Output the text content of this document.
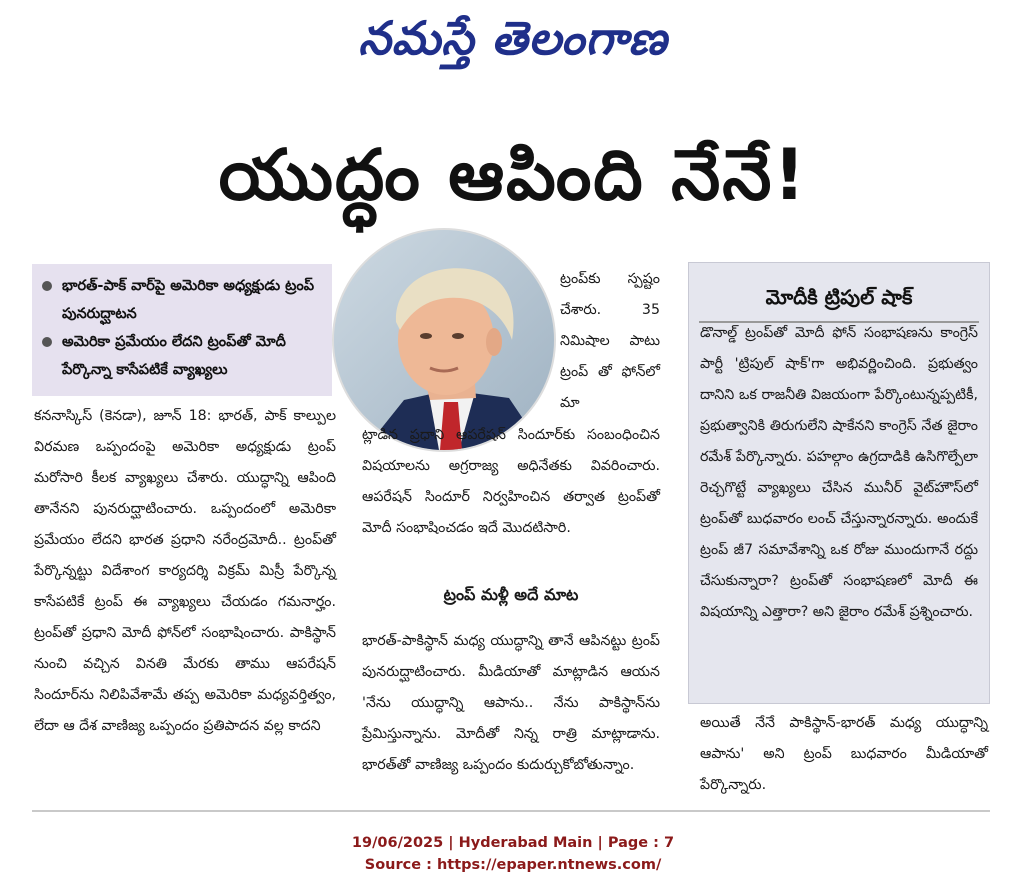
నమస్తే తెలంగాణ
యుద్ధం ఆపింది నేనే!
భారత్-పాక్ వార్‌పై అమెరికా అధ్యక్షుడు ట్రంప్ పునరుద్ఘాటన
అమెరికా ప్రమేయం లేదని ట్రంప్‌తో మోదీ పేర్కొన్నా కాసేపటికే వ్యాఖ్యలు

కననాస్కిస్ (కెనడా), జూన్ 18: భారత్, పాక్ కాల్పుల విరమణ ఒప్పందంపై అమెరికా అధ్యక్షుడు ట్రంప్ మరోసారి కీలక వ్యాఖ్యలు చేశారు. యుద్ధాన్ని ఆపింది తానేనని పునరుద్ఘాటించారు. ఒప్పందంలో అమెరికా ప్రమేయం లేదని భారత ప్రధాని నరేంద్రమోదీ.. ట్రంప్‌తో పేర్కొన్నట్టు విదేశాంగ కార్యదర్శి విక్రమ్ మిస్రీ పేర్కొన్న కాసేపటికే ట్రంప్ ఈ వ్యాఖ్యలు చేయడం గమనార్హం. ట్రంప్‌తో ప్రధాని మోదీ ఫోన్‌లో సంభాషించారు. పాకిస్థాన్ నుంచి వచ్చిన వినతి మేరకు తాము ఆపరేషన్ సిందూర్‌ను నిలిపివేశామే తప్ప అమెరికా మధ్యవర్తిత్వం, లేదా ఆ దేశ వాణిజ్య ఒప్పందం ప్రతిపాదన వల్ల కాదని

ట్రంప్‌కు స్పష్టం చేశారు. 35 నిమిషాల పాటు ట్రంప్ తో ఫోన్‌లో మా

ట్లాడిన ప్రధాని ఆపరేషన్ సిందూర్‌కు సంబంధించిన విషయాలను అగ్రరాజ్య అధినేతకు వివరించారు. ఆపరేషన్ సిందూర్ నిర్వహించిన తర్వాత ట్రంప్‌తో మోదీ సంభాషించడం ఇదే మొదటిసారి.

ట్రంప్ మళ్లీ అదే మాట

భారత్-పాకిస్థాన్ మధ్య యుద్ధాన్ని తానే ఆపినట్టు ట్రంప్ పునరుద్ఘాటించారు. మీడియాతో మాట్లాడిన ఆయన 'నేను యుద్ధాన్ని ఆపాను.. నేను పాకిస్థాన్‌ను ప్రేమిస్తున్నాను. మోదీతో నిన్న రాత్రి మాట్లాడాను. భారత్‌తో వాణిజ్య ఒప్పందం కుదుర్చుకోబోతున్నాం.

మోదీకి ట్రిపుల్ షాక్

డొనాల్డ్ ట్రంప్‌తో మోదీ ఫోన్ సంభాషణను కాంగ్రెస్ పార్టీ 'ట్రిపుల్ షాక్'గా అభివర్ణించింది. ప్రభుత్వం దానిని ఒక రాజనీతి విజయంగా పేర్కొంటున్నప్పటికీ, ప్రభుత్వానికి తిరుగులేని షాకేనని కాంగ్రెస్ నేత జైరాం రమేశ్ పేర్కొన్నారు. పహల్గాం ఉగ్రదాడికి ఉసిగొల్పేలా రెచ్చగొట్టే వ్యాఖ్యలు చేసిన మునీర్ వైట్‌హౌస్‌లో ట్రంప్‌తో బుధవారం లంచ్ చేస్తున్నారన్నారు. అందుకే ట్రంప్ జీ7 సమావేశాన్ని ఒక రోజు ముందుగానే రద్దు చేసుకున్నారా? ట్రంప్‌తో సంభాషణలో మోదీ ఈ విషయాన్ని ఎత్తారా? అని జైరాం రమేశ్ ప్రశ్నించారు.

అయితే నేనే పాకిస్థాన్-భారత్ మధ్య యుద్ధాన్ని ఆపాను' అని ట్రంప్ బుధవారం మీడియాతో పేర్కొన్నారు.

19/06/2025 | Hyderabad Main | Page : 7
Source : https://epaper.ntnews.com/
